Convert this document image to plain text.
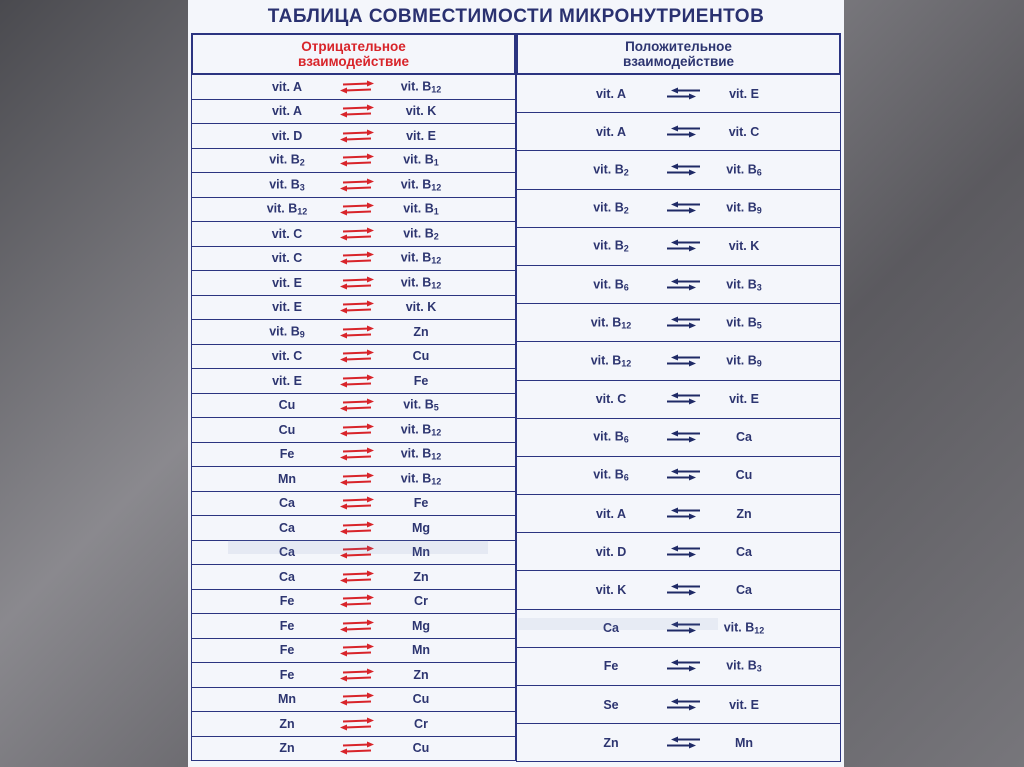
ТАБЛИЦА СОВМЕСТИМОСТИ МИКРОНУТРИЕНТОВ
Отрицательное
взаимодействие
vit. A	vit. $B_{12}$
vit. A	vit. K
vit. D	vit. E
vit. $B_2$	vit. $B_1$
vit. $B_3$	vit. $B_{12}$
vit. $B_{12}$	vit. $B_1$
vit. C	vit. $B_2$
vit. C	vit. $B_{12}$
vit. E	vit. $B_{12}$
vit. E	vit. K
vit. $B_9$	Zn
vit. C	Cu
vit. E	Fe
Cu	vit. $B_5$
Cu	vit. $B_{12}$
Fe	vit. $B_{12}$
Mn	vit. $B_{12}$
Ca	Fe
Ca	Mg
Ca	Mn
Ca	Zn
Fe	Cr
Fe	Mg
Fe	Mn
Fe	Zn
Mn	Cu
Zn	Cr
Zn	Cu
Положительное
взаимодействие
vit. A	vit. E
vit. A	vit. C
vit. $B_2$	vit. $B_6$
vit. $B_2$	vit. $B_9$
vit. $B_2$	vit. K
vit. $B_6$	vit. $B_3$
vit. $B_{12}$	vit. $B_5$
vit. $B_{12}$	vit. $B_9$
vit. C	vit. E
vit. $B_6$	Ca
vit. $B_6$	Cu
vit. A	Zn
vit. D	Ca
vit. K	Ca
Ca	vit. $B_{12}$
Fe	vit. $B_3$
Se	vit. E
Zn	Mn
